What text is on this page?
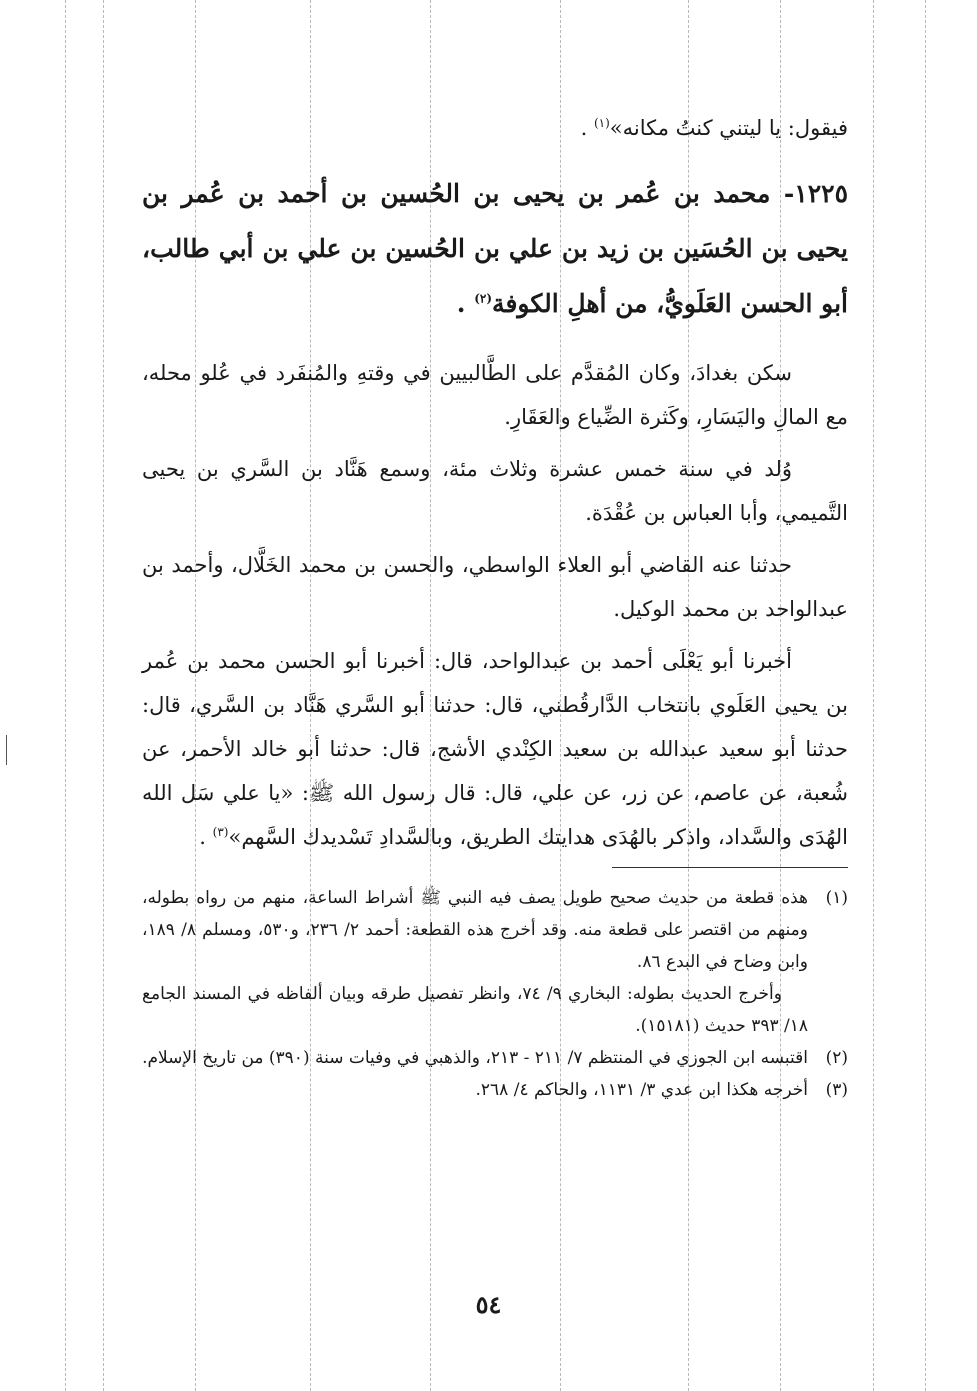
فيقول: يا ليتني كنتُ مكانه»$^{(١)}$ .

١٢٢٥- محمد بن عُمر بن يحيى بن الحُسين بن أحمد بن عُمر بن يحيى بن الحُسَين بن زيد بن علي بن الحُسين بن علي بن أبي طالب، أبو الحسن العَلَويُّ، من أهلِ الكوفة$^{(٢)}$ .

سكن بغدادَ، وكان المُقدَّم على الطَّالبيين في وقتهِ والمُنفَرد في عُلو محله، مع المالِ واليَسَارِ، وكَثرة الضِّياع والعَقَارِ.

وُلد في سنة خمس عشرة وثلاث مئة، وسمع هَنَّاد بن السَّري بن يحيى التَّميمي، وأبا العباس بن عُقْدَة.

حدثنا عنه القاضي أبو العلاء الواسطي، والحسن بن محمد الخَلَّال، وأحمد بن عبدالواحد بن محمد الوكيل.

أخبرنا أبو يَعْلَى أحمد بن عبدالواحد، قال: أخبرنا أبو الحسن محمد بن عُمر بن يحيى العَلَوي بانتخاب الدَّارقُطني، قال: حدثنا أبو السَّري هَنَّاد بن السَّري، قال: حدثنا أبو سعيد عبدالله بن سعيد الكِنْدي الأشج، قال: حدثنا أبو خالد الأحمر، عن شُعبة، عن عاصم، عن زر، عن علي، قال: قال رسول الله ﷺ: «يا علي سَل الله الهُدَى والسَّداد، واذكر بالهُدَى هدايتك الطريق، وبالسَّدادِ تَسْديدك السَّهم»$^{(٣)}$ .

(١)
هذه قطعة من حديث صحيح طويل يصف فيه النبي ﷺ أشراط الساعة، منهم من رواه بطوله، ومنهم من اقتصر على قطعة منه. وقد أخرج هذه القطعة: أحمد ٢/ ٢٣٦، و٥٣٠، ومسلم ٨/ ١٨٩، وابن وضاح في البدع ٨٦.
وأخرج الحديث بطوله: البخاري ٩/ ٧٤، وانظر تفصيل طرقه وبيان ألفاظه في المسند الجامع ١٨/ ٣٩٣ حديث (١٥١٨١).
(٢)
اقتبسه ابن الجوزي في المنتظم ٧/ ٢١١ - ٢١٣، والذهبي في وفيات سنة (٣٩٠) من تاريخ الإسلام.
(٣)
أخرجه هكذا ابن عدي ٣/ ١١٣١، والحاكم ٤/ ٢٦٨.
٥٤
